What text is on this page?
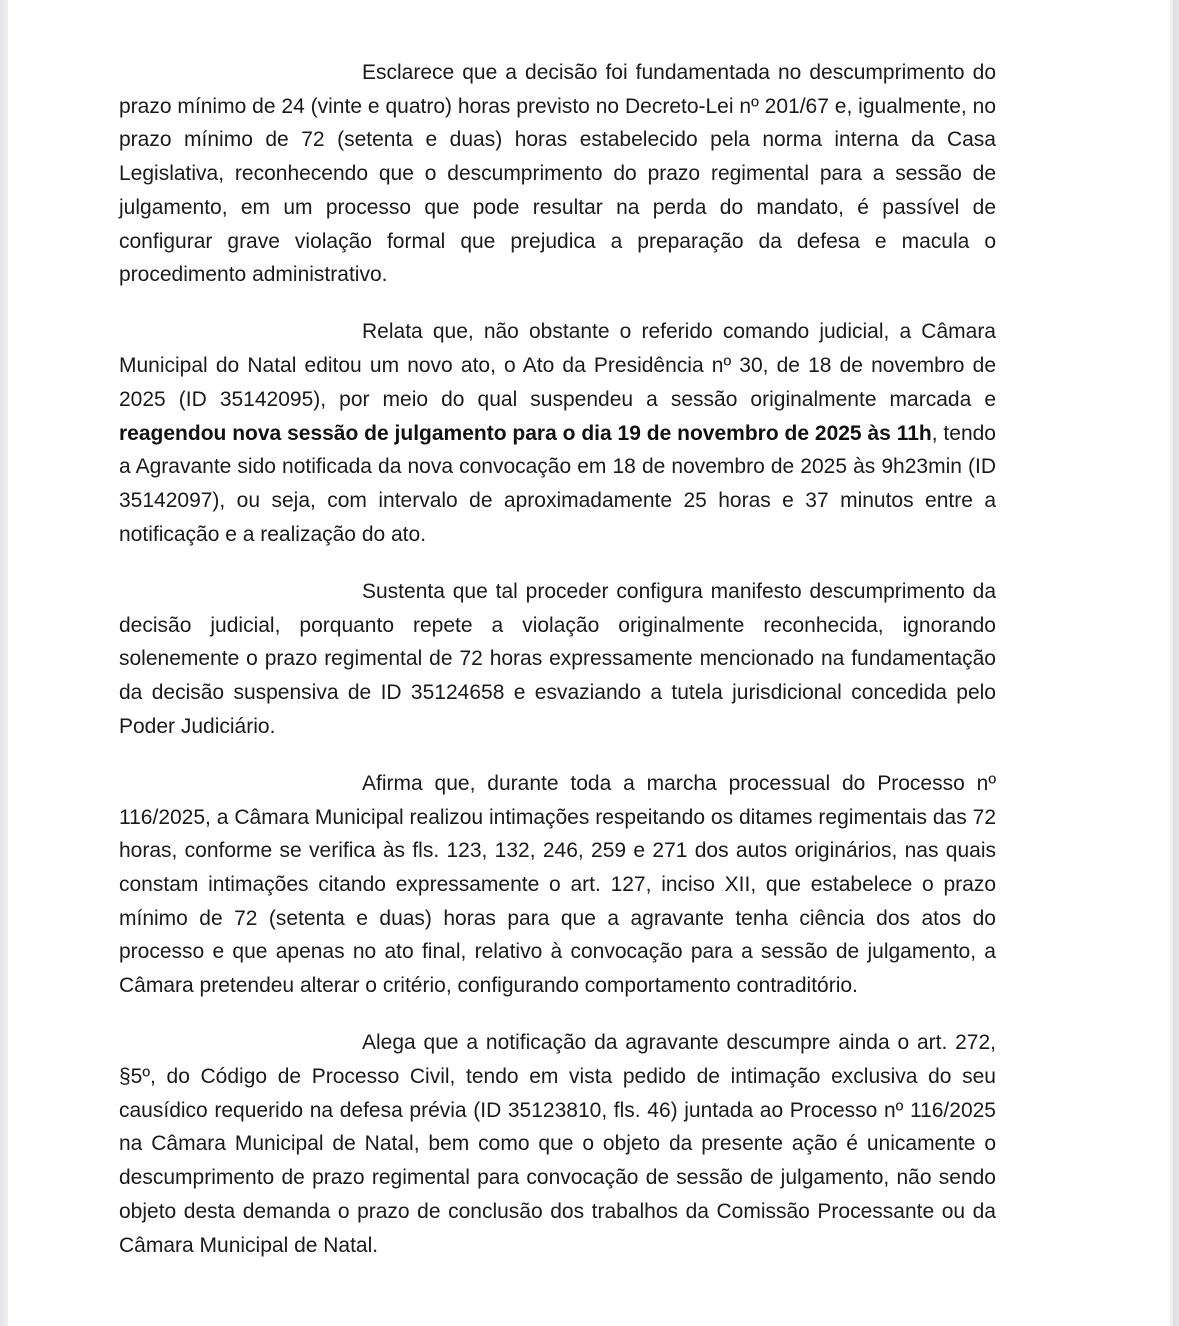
Esclarece que a decisão foi fundamentada no descumprimento do prazo mínimo de 24 (vinte e quatro) horas previsto no Decreto-Lei nº 201/67 e, igualmente, no prazo mínimo de 72 (setenta e duas) horas estabelecido pela norma interna da Casa Legislativa, reconhecendo que o descumprimento do prazo regimental para a sessão de julgamento, em um processo que pode resultar na perda do mandato, é passível de configurar grave violação formal que prejudica a preparação da defesa e macula o procedimento administrativo.

Relata que, não obstante o referido comando judicial, a Câmara Municipal do Natal editou um novo ato, o Ato da Presidência nº 30, de 18 de novembro de 2025 (ID 35142095), por meio do qual suspendeu a sessão originalmente marcada e reagendou nova sessão de julgamento para o dia 19 de novembro de 2025 às 11h, tendo a Agravante sido notificada da nova convocação em 18 de novembro de 2025 às 9h23min (ID 35142097), ou seja, com intervalo de aproximadamente 25 horas e 37 minutos entre a notificação e a realização do ato.

Sustenta que tal proceder configura manifesto descumprimento da decisão judicial, porquanto repete a violação originalmente reconhecida, ignorando solenemente o prazo regimental de 72 horas expressamente mencionado na fundamentação da decisão suspensiva de ID 35124658 e esvaziando a tutela jurisdicional concedida pelo Poder Judiciário.

Afirma que, durante toda a marcha processual do Processo nº 116/2025, a Câmara Municipal realizou intimações respeitando os ditames regimentais das 72 horas, conforme se verifica às fls. 123, 132, 246, 259 e 271 dos autos originários, nas quais constam intimações citando expressamente o art. 127, inciso XII, que estabelece o prazo mínimo de 72 (setenta e duas) horas para que a agravante tenha ciência dos atos do processo e que apenas no ato final, relativo à convocação para a sessão de julgamento, a Câmara pretendeu alterar o critério, configurando comportamento contraditório.

Alega que a notificação da agravante descumpre ainda o art. 272, §5º, do Código de Processo Civil, tendo em vista pedido de intimação exclusiva do seu causídico requerido na defesa prévia (ID 35123810, fls. 46) juntada ao Processo nº 116/2025 na Câmara Municipal de Natal, bem como que o objeto da presente ação é unicamente o descumprimento de prazo regimental para convocação de sessão de julgamento, não sendo objeto desta demanda o prazo de conclusão dos trabalhos da Comissão Processante ou da Câmara Municipal de Natal.
